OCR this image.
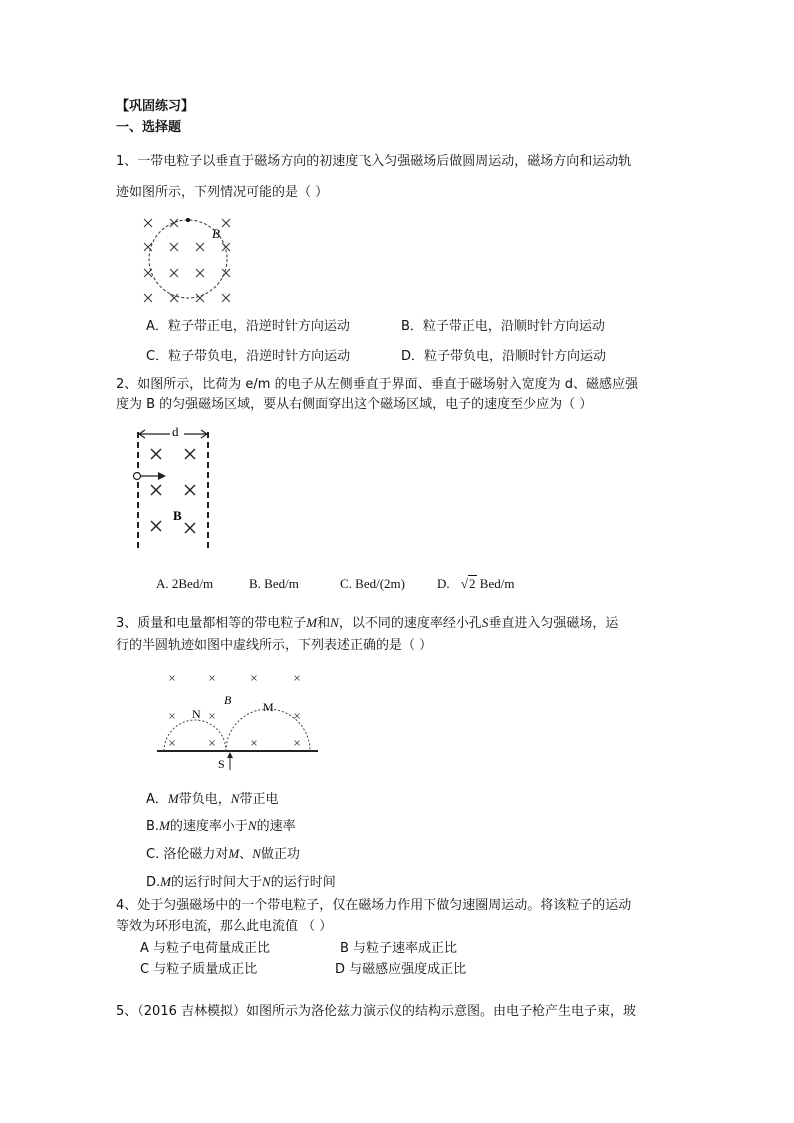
【巩固练习】
一、选择题
1、一带电粒子以垂直于磁场方向的初速度飞入匀强磁场后做圆周运动，磁场方向和运动轨
迹如图所示，下列情况可能的是（ ）
B
A．粒子带正电，沿逆时针方向运动	B．粒子带正电，沿顺时针方向运动
C．粒子带负电，沿逆时针方向运动	D．粒子带负电，沿顺时针方向运动
2、如图所示，比荷为 e/m 的电子从左侧垂直于界面、垂直于磁场射入宽度为 d、磁感应强
度为 B 的匀强磁场区域，要从右侧面穿出这个磁场区域，电子的速度至少应为（ ）
d
B
A. 2Bed/m	B. Bed/m	C. Bed/(2m) D. √2 Bed/m
3、质量和电量都相等的带电粒子M和N，以不同的速度率经小孔S垂直进入匀强磁场，运
行的半圆轨迹如图中虚线所示，下列表述正确的是（ ）
N
B	M
S
A．M带负电，N带正电
B.M的速度率小于N的速率
C. 洛伦磁力对M、N做正功
D.M的运行时间大于N的运行时间
4、处于匀强磁场中的一个带电粒子，仅在磁场力作用下做匀速圈周运动。将该粒子的运动
等效为环形电流，那么此电流值 （ ）
A 与粒子电荷量成正比	B 与粒子速率成正比
C 与粒子质量成正比	D 与磁感应强度成正比
5、（2016 吉林模拟）如图所示为洛伦兹力演示仪的结构示意图。由电子枪产生电子束，玻
